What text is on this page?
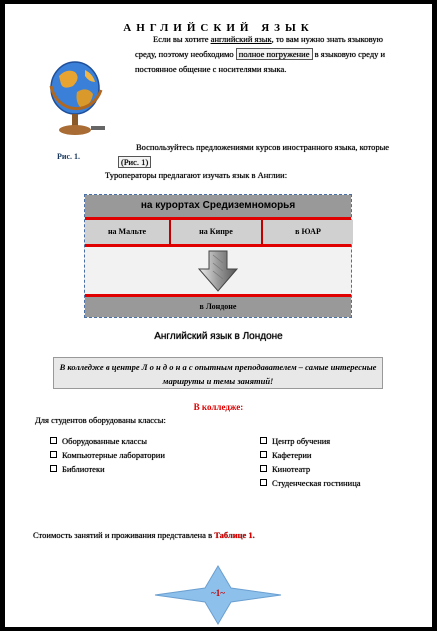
АНГЛИЙСКИЙ ЯЗЫК
Рис. 1.
Если вы хотите английский язык, то вам нужно знать языковую среду, поэтому необходимо полное погружение в языковую среду и постоянное общение с носителями языка.
Воспользуйтесь предложениями курсов иностранного языка, которые (Рис. 1)
Туроператоры предлагают изучать язык в Англии:
на курортах Средиземноморья
на Мальте	на Кипре	в ЮАР
в Лондоне
Английский язык в Лондоне
В колледже в центре Л о н д о н а с опытным преподавателем – самые интересные маршруты и темы занятий!
В колледже:
Для студентов оборудованы классы:
Оборудованные классы
Компьютерные лаборатории
Библиотеки
Центр обучения
Кафетерии
Кинотеатр
Студенческая гостиница
Стоимость занятий и проживания представлена в Таблице 1.
~1~
